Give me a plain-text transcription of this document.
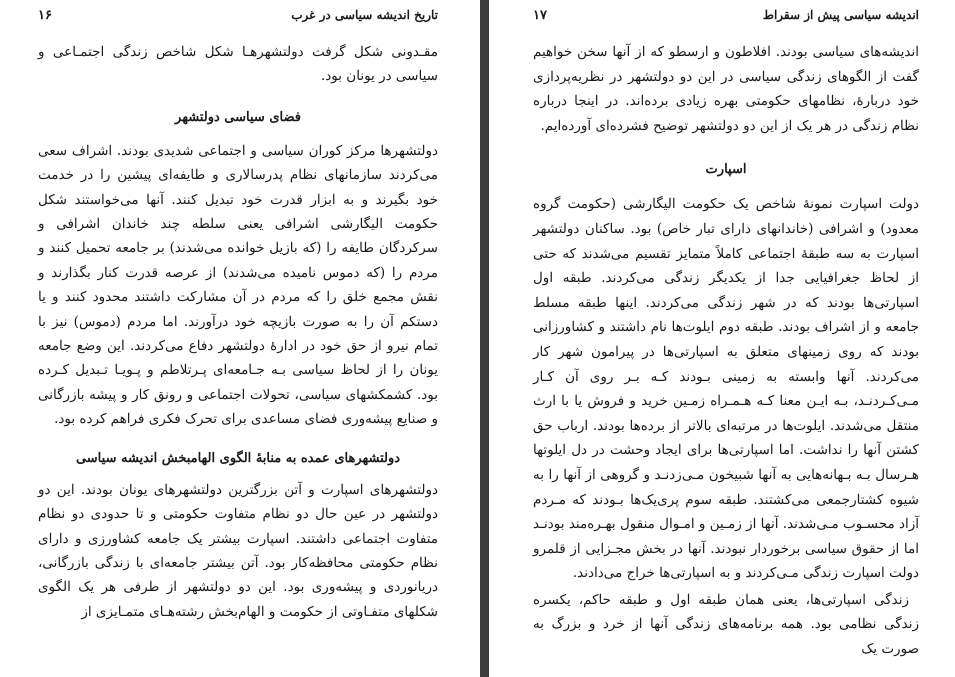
تاریخ اندیشه سیاسی در غرب
۱۶

مقـدونی شکل گرفت دولتشهرهـا شکل شاخص زندگی اجتمـاعی و سیاسی در یونان بود.

فضای سیاسی دولتشهر

دولتشهرها مرکز کوران سیاسی و اجتماعی شدیدی بودند. اشراف سعی می‌کردند سازمانهای نظام پدرسالاری و طایفه‌ای پیشین را در خدمت خود بگیرند و به ابزار قدرت خود تبدیل کنند. آنها می‌خواستند شکل حکومت الیگارشی اشرافی یعنی سلطه چند خاندان اشرافی و سرکردگان طایفه را (که بازیل خوانده می‌شدند) بر جامعه تحمیل کنند و مردم را (که دموس نامیده می‌شدند) از عرصه قدرت کنار بگذارند و نقش مجمع خلق را که مردم در آن مشارکت داشتند محدود کنند و یا دستکم آن را به صورت بازیچه خود درآورند. اما مردم (دموس) نیز با تمام نیرو از حق خود در ادارهٔ دولتشهر دفاع می‌کردند. این وضع جامعه یونان را از لحاظ سیاسی بـه جـامعه‌ای پـرتلاطم و پـویـا تـبدیل کـرده بود. کشمکشهای سیاسی، تحولات اجتماعی و رونق کار و پیشه بازرگانی و صنایع پیشه‌وری فضای مساعدی برای تحرک فکری فراهم کرده بود.

دولتشهرهای عمده به منابهٔ الگوی الهامبخش اندیشه سیاسی

دولتشهرهای اسپارت و آتن بزرگترین دولتشهرهای یونان بودند. این دو دولتشهر در عین حال دو نظام متفاوت حکومتی و تا حدودی دو نظام متفاوت اجتماعی داشتند. اسپارت بیشتر یک جامعه کشاورزی و دارای نظام حکومتی محافظه‌کار بود. آتن بیشتر جامعه‌ای با زندگی بازرگانی، دریانوردی و پیشه‌وری بود. این دو دولتشهر از طرفی هر یک الگوی شکلهای متفـاوتی از حکومت و الهام‌بخش رشته‌هـای متمـایزی از

اندیشه سیاسی پیش از سقراط
۱۷

اندیشه‌های سیاسی بودند. افلاطون و ارسطو که از آنها سخن خواهیم گفت از الگوهای زندگی سیاسی در این دو دولتشهر در نظریه‌پردازی خود دربارهٔ، نظامهای حکومتی بهره زیادی برده‌اند. در اینجا درباره نظام زندگی در هر یک از این دو دولتشهر توضیح فشرده‌ای آورده‌ایم.

اسپارت

دولت اسپارت نمونهٔ شاخص یک حکومت الیگارشی (حکومت گروه معدود) و اشرافی (خاندانهای دارای تبار خاص) بود. ساکنان دولتشهر اسپارت به سه طبقهٔ اجتماعی کاملاً متمایز تقسیم می‌شدند که حتی از لحاظ جغرافیایی جدا از یکدیگر زندگی می‌کردند. طبقه اول اسپارتی‌ها بودند که در شهر زندگی می‌کردند. اینها طبقه مسلط جامعه و از اشراف بودند. طبقه دوم ایلوت‌ها نام داشتند و کشاورزانی بودند که روی زمینهای متعلق به اسپارتی‌ها در پیرامون شهر کار می‌کردند. آنها وابسته به زمینی بـودند کـه بـر روی آن کـار مـی‌کـردنـد، بـه ایـن معنا کـه هـمـراه زمـین خرید و فروش یا با ارث منتقل می‌شدند. ایلوت‌ها در مرتبه‌ای بالاتر از برده‌ها بودند. ارباب حق کشتن آنها را نداشت. اما اسپارتی‌ها برای ایجاد وحشت در دل ایلوتها هـرسال بـه بـهانه‌هایی به آنها شبیخون مـی‌زدنـد و گروهی از آنها را به شیوه کشتارجمعی می‌کشتند. طبقه سوم پری‌یک‌ها بـودند که مـردم آزاد محسـوب مـی‌شدند. آنها از زمـین و امـوال منقول بهـره‌مند بودنـد اما از حقوق سیاسی برخوردار نبودند. آنها در بخش مجـزایی از قلمرو دولت اسپارت زندگی مـی‌کردند و به اسپارتی‌ها خراج می‌دادند.

زندگی اسپارتی‌ها، یعنی همان طبقه اول و طبقه حاکم، یکسره زندگی نظامی بود. همه برنامه‌های زندگی آنها از خرد و بزرگ به صورت یک
